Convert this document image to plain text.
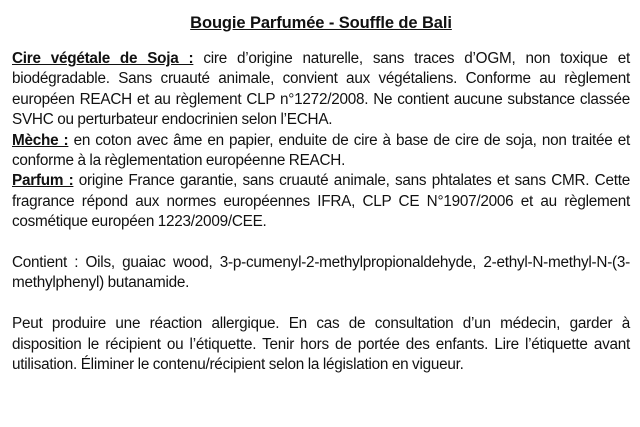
Bougie Parfumée - Souffle de Bali

Cire végétale de Soja : cire d’origine naturelle, sans traces d’OGM, non toxique et biodégradable. Sans cruauté animale, convient aux végétaliens. Conforme au règlement européen REACH et au règlement CLP n°1272/2008. Ne contient aucune substance classée SVHC ou perturbateur endocrinien selon l’ECHA.

Mèche : en coton avec âme en papier, enduite de cire à base de cire de soja, non traitée et conforme à la règlementation européenne REACH.

Parfum : origine France garantie, sans cruauté animale, sans phtalates et sans CMR. Cette fragrance répond aux normes européennes IFRA, CLP CE N°1907/2006 et au règlement cosmétique européen 1223/2009/CEE.

Contient : Oils, guaiac wood, 3-p-cumenyl-2-methylpropionaldehyde, 2-ethyl-N-methyl-N-(3-methylphenyl) butanamide.

Peut produire une réaction allergique. En cas de consultation d’un médecin, garder à disposition le récipient ou l’étiquette. Tenir hors de portée des enfants. Lire l’étiquette avant utilisation. Éliminer le contenu/récipient selon la législation en vigueur.
